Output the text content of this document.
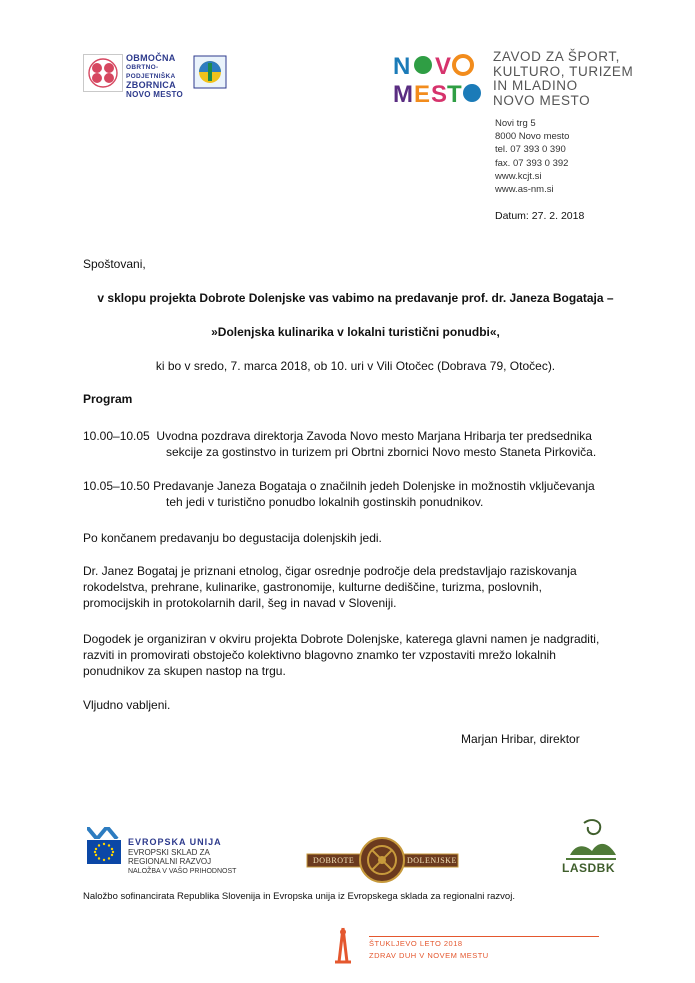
OBMOČNA
OBRTNO-PODJETNIŠKA
ZBORNICA
NOVO MESTO
N V
M E S T
ZAVOD ZA ŠPORT,
KULTURO, TURIZEM
IN MLADINO
NOVO MESTO
Novi trg 5
8000 Novo mesto
tel. 07 393 0 390
fax. 07 393 0 392
www.kcjt.si
www.as-nm.si
Datum: 27. 2. 2018
Spoštovani,
v sklopu projekta Dobrote Dolenjske vas vabimo na predavanje prof. dr. Janeza Bogataja –
»Dolenjska kulinarika v lokalni turistični ponudbi«,
ki bo v sredo, 7. marca 2018, ob 10. uri v Vili Otočec (Dobrava 79, Otočec).
Program
10.00–10.05 Uvodna pozdrava direktorja Zavoda Novo mesto Marjana Hribarja ter predsednika
sekcije za gostinstvo in turizem pri Obrtni zbornici Novo mesto Staneta Pirkoviča.
10.05–10.50 Predavanje Janeza Bogataja o značilnih jedeh Dolenjske in možnostih vključevanja
teh jedi v turistično ponudbo lokalnih gostinskih ponudnikov.
Po končanem predavanju bo degustacija dolenjskih jedi.
Dr. Janez Bogataj je priznani etnolog, čigar osrednje področje dela predstavljajo raziskovanja
rokodelstva, prehrane, kulinarike, gastronomije, kulturne dediščine, turizma, poslovnih,
promocijskih in protokolarnih daril, šeg in navad v Sloveniji.
Dogodek je organiziran v okviru projekta Dobrote Dolenjske, katerega glavni namen je nadgraditi,
razviti in promovirati obstoječo kolektivno blagovno znamko ter vzpostaviti mrežo lokalnih
ponudnikov za skupen nastop na trgu.
Vljudno vabljeni.
Marjan Hribar, direktor
EVROPSKA UNIJA
EVROPSKI SKLAD ZA
REGIONALNI RAZVOJ
NALOŽBA V VAŠO PRIHODNOST
DOBROTE	DOLENJSKE
LASDBK
Naložbo sofinancirata Republika Slovenija in Evropska unija iz Evropskega sklada za regionalni razvoj.
ŠTUKLJEVO LETO 2018
ZDRAV DUH V NOVEM MESTU
